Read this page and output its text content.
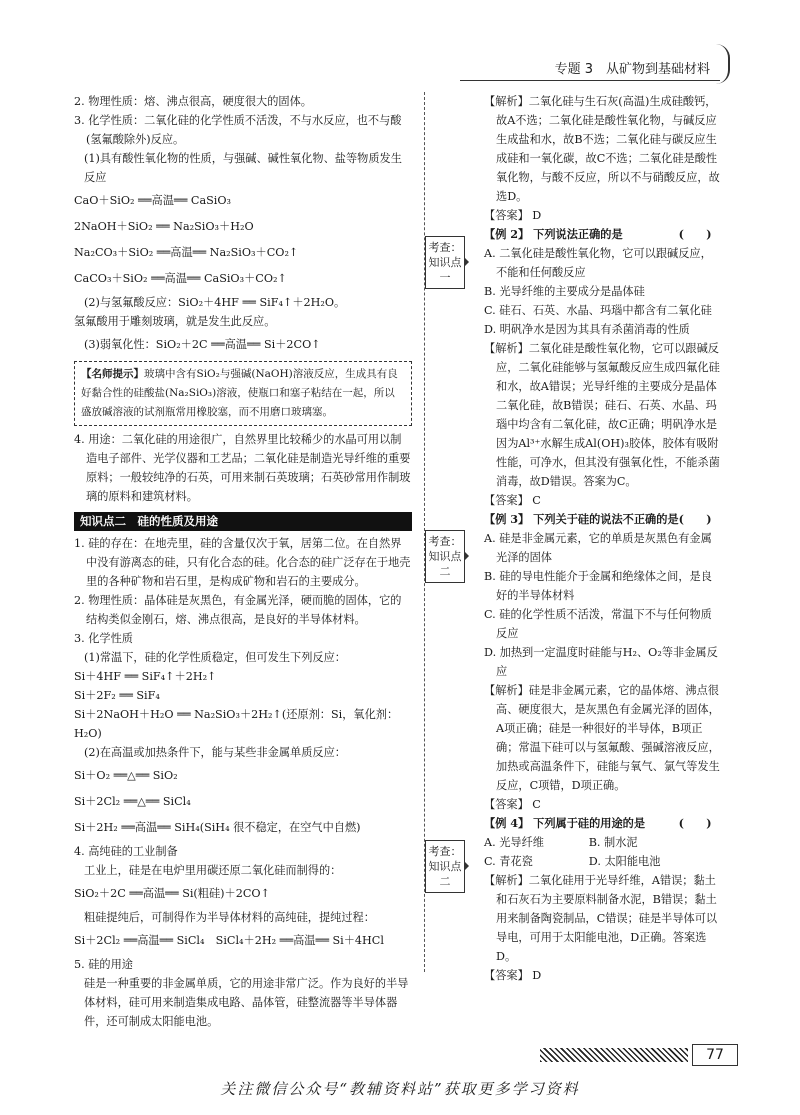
专题 3　从矿物到基础材料

2. 物理性质：熔、沸点很高，硬度很大的固体。

3. 化学性质：二氧化硅的化学性质不活泼，不与水反应，也不与酸(氢氟酸除外)反应。

(1)具有酸性氧化物的性质，与强碱、碱性氧化物、盐等物质发生反应

CaO＋SiO₂ ══高温══ CaSiO₃

2NaOH＋SiO₂ ══ Na₂SiO₃＋H₂O

Na₂CO₃＋SiO₂ ══高温══ Na₂SiO₃＋CO₂↑

CaCO₃＋SiO₂ ══高温══ CaSiO₃＋CO₂↑

(2)与氢氟酸反应：SiO₂＋4HF ══ SiF₄↑＋2H₂O。

氢氟酸用于雕刻玻璃，就是发生此反应。

(3)弱氧化性：SiO₂＋2C ══高温══ Si＋2CO↑

【名师提示】玻璃中含有SiO₂与强碱(NaOH)溶液反应，生成具有良好黏合性的硅酸盐(Na₂SiO₃)溶液，使瓶口和塞子粘结在一起，所以盛放碱溶液的试剂瓶常用橡胶塞，而不用磨口玻璃塞。

4. 用途：二氧化硅的用途很广，自然界里比较稀少的水晶可用以制造电子部件、光学仪器和工艺品；二氧化硅是制造光导纤维的重要原料；一般较纯净的石英，可用来制石英玻璃；石英砂常用作制玻璃的原料和建筑材料。

知识点二　硅的性质及用途

1. 硅的存在：在地壳里，硅的含量仅次于氧，居第二位。在自然界中没有游离态的硅，只有化合态的硅。化合态的硅广泛存在于地壳里的各种矿物和岩石里，是构成矿物和岩石的主要成分。

2. 物理性质：晶体硅是灰黑色，有金属光泽，硬而脆的固体，它的结构类似金刚石，熔、沸点很高，是良好的半导体材料。

3. 化学性质

(1)常温下，硅的化学性质稳定，但可发生下列反应：

Si＋4HF ══ SiF₄↑＋2H₂↑

Si＋2F₂ ══ SiF₄

Si＋2NaOH＋H₂O ══ Na₂SiO₃＋2H₂↑(还原剂：Si，氧化剂：H₂O)

(2)在高温或加热条件下，能与某些非金属单质反应：

Si＋O₂ ══△══ SiO₂

Si＋2Cl₂ ══△══ SiCl₄

Si＋2H₂ ══高温══ SiH₄(SiH₄ 很不稳定，在空气中自燃)

4. 高纯硅的工业制备

工业上，硅是在电炉里用碳还原二氧化硅而制得的：

SiO₂＋2C ══高温══ Si(粗硅)＋2CO↑

粗硅提纯后，可制得作为半导体材料的高纯硅，提纯过程：

Si＋2Cl₂ ══高温══ SiCl₄　SiCl₄＋2H₂ ══高温══ Si＋4HCl

5. 硅的用途

硅是一种重要的非金属单质，它的用途非常广泛。作为良好的半导体材料，硅可用来制造集成电路、晶体管，硅整流器等半导体器件，还可制成太阳能电池。

考查：知识点一
考查：知识点二
考查：知识点二

【解析】二氧化硅与生石灰(高温)生成硅酸钙，故A不选；二氧化硅是酸性氧化物，与碱反应生成盐和水，故B不选；二氧化硅与碳反应生成硅和一氧化碳，故C不选；二氧化硅是酸性氧化物，与酸不反应，所以不与硝酸反应，故选D。

【答案】 D

【例 2】 下列说法正确的是　　　　　(　　)

A. 二氧化硅是酸性氧化物，它可以跟碱反应，不能和任何酸反应

B. 光导纤维的主要成分是晶体硅

C. 硅石、石英、水晶、玛瑙中都含有二氧化硅

D. 明矾净水是因为其具有杀菌消毒的性质

【解析】二氧化硅是酸性氧化物，它可以跟碱反应，二氧化硅能够与氢氟酸反应生成四氟化硅和水，故A错误；光导纤维的主要成分是晶体二氧化硅，故B错误；硅石、石英、水晶、玛瑙中均含有二氧化硅，故C正确；明矾净水是因为Al³⁺水解生成Al(OH)₃胶体，胶体有吸附性能，可净水，但其没有强氧化性，不能杀菌消毒，故D错误。答案为C。

【答案】 C

【例 3】 下列关于硅的说法不正确的是(　　)

A. 硅是非金属元素，它的单质是灰黑色有金属光泽的固体

B. 硅的导电性能介于金属和绝缘体之间，是良好的半导体材料

C. 硅的化学性质不活泼，常温下不与任何物质反应

D. 加热到一定温度时硅能与H₂、O₂等非金属反应

【解析】硅是非金属元素，它的晶体熔、沸点很高、硬度很大，是灰黑色有金属光泽的固体，A项正确；硅是一种很好的半导体，B项正确；常温下硅可以与氢氟酸、强碱溶液反应，加热或高温条件下，硅能与氧气、氯气等发生反应，C项错，D项正确。

【答案】 C

【例 4】 下列属于硅的用途的是　　　(　　)

A. 光导纤维　　　　B. 制水泥

C. 青花瓷　　　　　D. 太阳能电池

【解析】二氧化硅用于光导纤维，A错误；黏土和石灰石为主要原料制备水泥，B错误；黏土用来制备陶瓷制品，C错误；硅是半导体可以导电，可用于太阳能电池，D正确。答案选D。

【答案】 D

77
关注微信公众号“教辅资料站”获取更多学习资料
